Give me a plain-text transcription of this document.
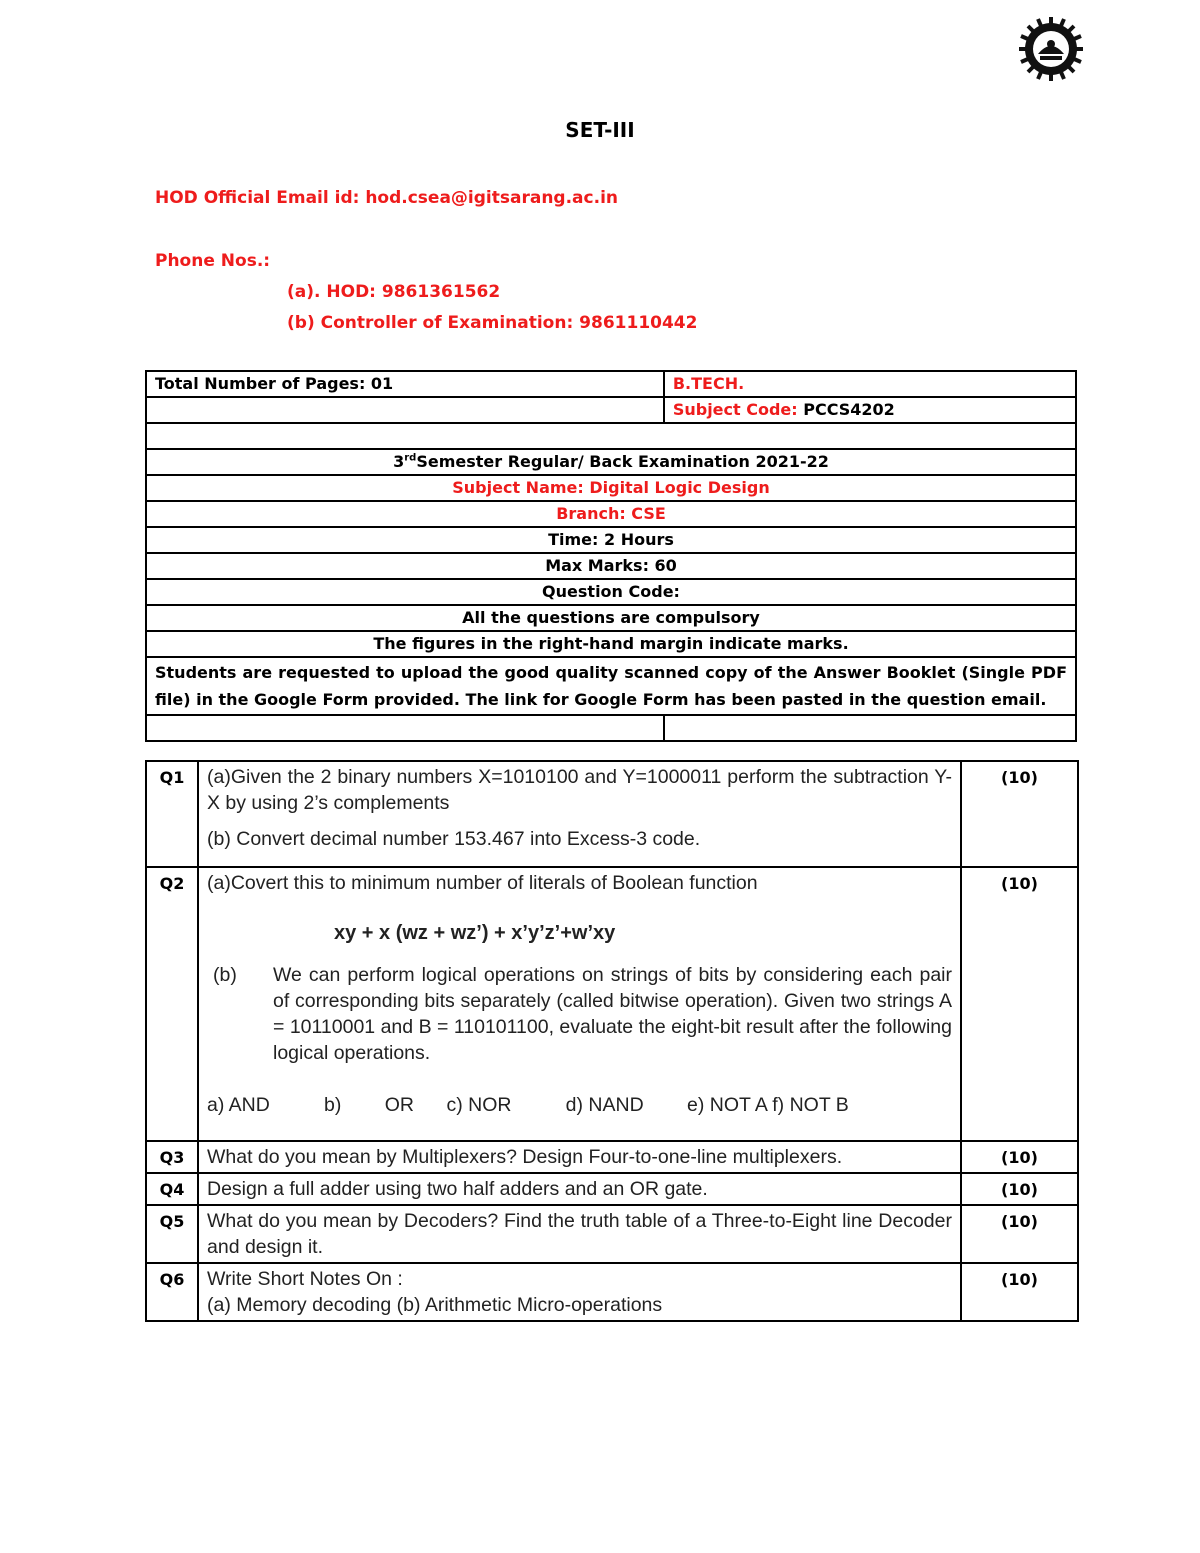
SET-III
HOD Official Email id: hod.csea@igitsarang.ac.in
Phone Nos.:
(a). HOD: 9861361562
(b) Controller of Examination: 9861110442
Total Number of Pages: 01	B.TECH.
	Subject Code: PCCS4202

3rdSemester Regular/ Back Examination 2021-22	
Subject Name: Digital Logic Design	
Branch: CSE	
Time: 2 Hours	
Max Marks: 60	
Question Code:	
All the questions are compulsory	
The figures in the right-hand margin indicate marks.	
Students are requested to upload the good quality scanned copy of the Answer Booklet (Single PDF file) in the Google Form provided. The link for Google Form has been pasted in the question email.	

Q1	(a)Given the 2 binary numbers X=1010100 and Y=1000011 perform the subtraction Y-X by using 2’s complements
(b) Convert decimal number 153.467 into Excess-3 code.	(10)
Q2	(a)Covert this to minimum number of literals of Boolean function
xy + x (wz + wz’) + x’y’z’+w’xy
(b) We can perform logical operations on strings of bits by considering each pair of corresponding bits separately (called bitwise operation). Given two strings A = 10110001 and B = 110101100, evaluate the eight-bit result after the following logical operations.
a) AND          b)        OR      c) NOR          d) NAND        e) NOT A f) NOT B	(10)
Q3	What do you mean by Multiplexers? Design Four-to-one-line multiplexers.	(10)
Q4	Design a full adder using two half adders and an OR gate.	(10)
Q5	What do you mean by Decoders? Find the truth table of a Three-to-Eight line Decoder and design it.	(10)
Q6	Write Short Notes On :
(a) Memory decoding (b) Arithmetic Micro-operations	(10)
